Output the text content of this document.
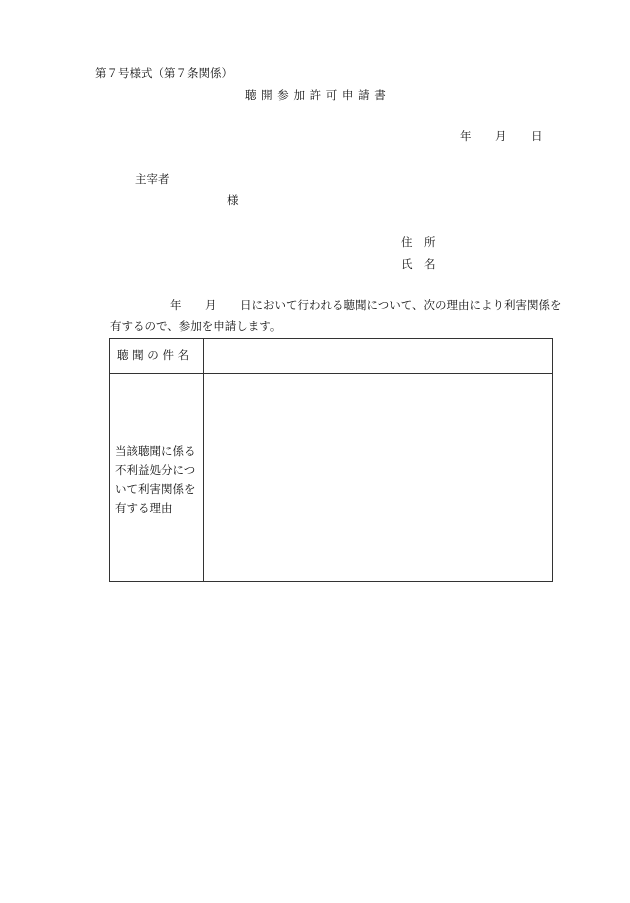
第７号様式（第７条関係）
聴 開 参 加 許 可 申 請 書
年 月 日
主宰者
様
住　所
氏　名
年 月 日において行われる聴聞について、次の理由により利害関係を
有するので、参加を申請します。
聴 聞 の 件 名
当該聴聞に係る
不利益処分につ
いて利害関係を
有する理由
